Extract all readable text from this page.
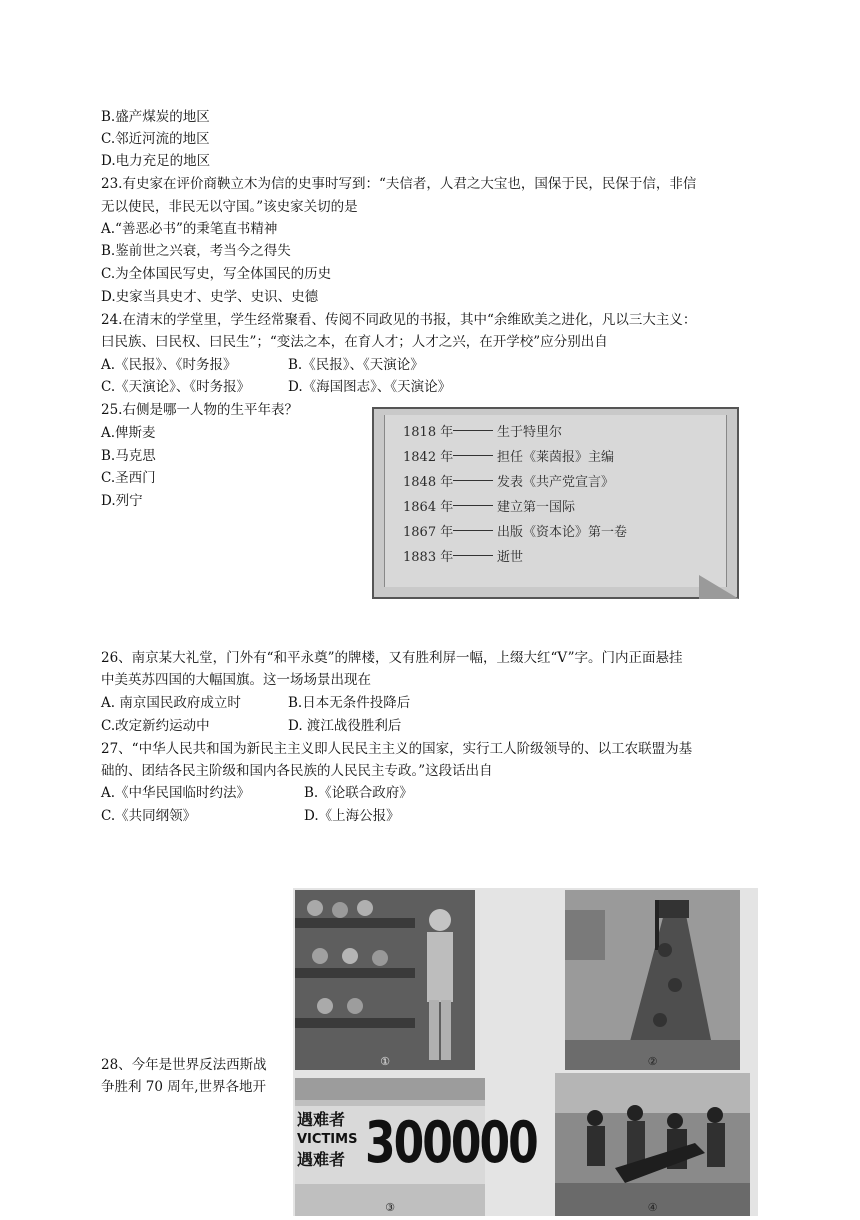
B.盛产煤炭的地区
C.邻近河流的地区
D.电力充足的地区
23.有史家在评价商鞅立木为信的史事时写到：“夫信者，人君之大宝也，国保于民，民保于信，非信
无以使民，非民无以守国。”该史家关切的是
A.“善恶必书”的秉笔直书精神
B.鉴前世之兴衰，考当今之得失
C.为全体国民写史，写全体国民的历史
D.史家当具史才、史学、史识、史德
24.在清末的学堂里，学生经常聚看、传阅不同政见的书报，其中“余维欧美之进化，凡以三大主义：
曰民族、曰民权、曰民生”；“变法之本，在育人才；人才之兴，在开学校”应分别出自
A.《民报》、《时务报》	B.《民报》、《天演论》
C.《天演论》、《时务报》	D.《海国图志》、《天演论》
25.右侧是哪一人物的生平年表？
A.俾斯麦
B.马克思
C.圣西门
D.列宁
1818 年	生于特里尔
1842 年	担任《莱茵报》主编
1848 年	发表《共产党宣言》
1864 年	建立第一国际
1867 年	出版《资本论》第一卷
1883 年	逝世
26、南京某大礼堂，门外有“和平永奠”的牌楼，又有胜利屏一幅，上缀大红“V”字。门内正面悬挂
中美英苏四国的大幅国旗。这一场场景出现在
A. 南京国民政府成立时	B.日本无条件投降后
C.改定新约运动中	D. 渡江战役胜利后
27、“中华人民共和国为新民主主义即人民民主主义的国家，实行工人阶级领导的、以工农联盟为基
础的、团结各民主阶级和国内各民族的人民民主专政。”这段话出自
A.《中华民国临时约法》	B.《论联合政府》
C.《共同纲领》	D.《上海公报》
28、今年是世界反法西斯战
争胜利 70 周年,世界各地开
①	②
遇难者
VICTIMS
遇难者 300000
③	④
